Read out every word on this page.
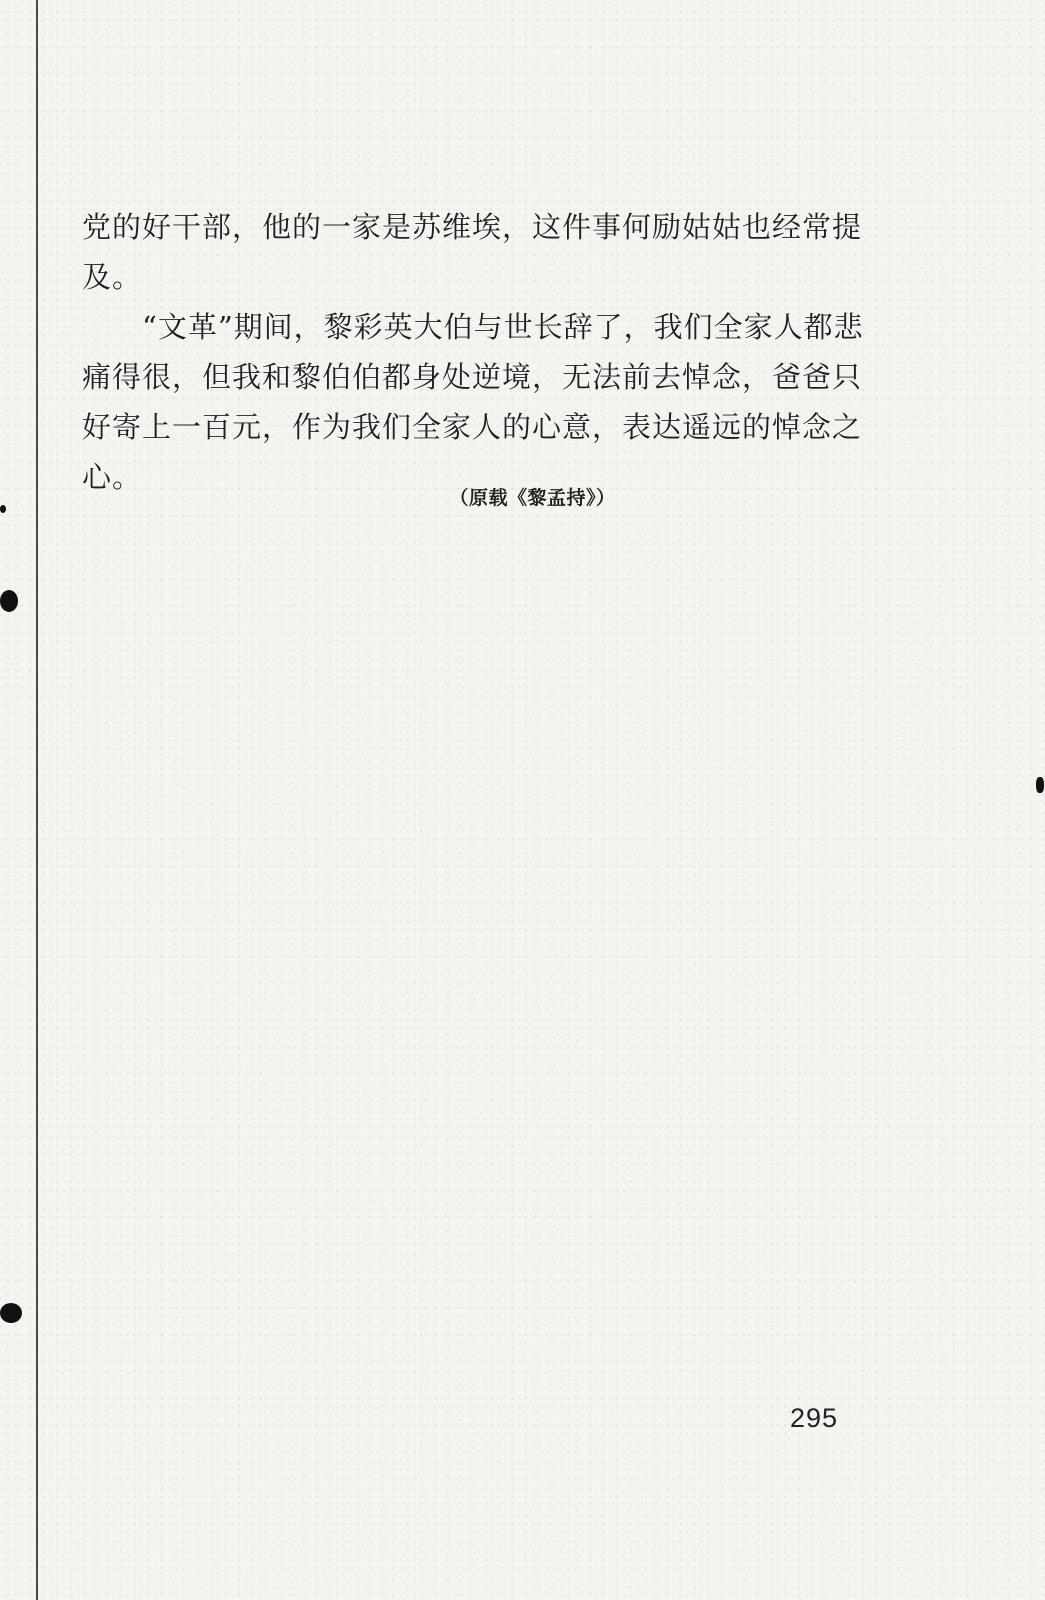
党的好干部，他的一家是苏维埃，这件事何励姑姑也经常提及。

“文革”期间，黎彩英大伯与世长辞了，我们全家人都悲痛得很，但我和黎伯伯都身处逆境，无法前去悼念，爸爸只好寄上一百元，作为我们全家人的心意，表达遥远的悼念之心。

（原载《黎孟持》）
295
